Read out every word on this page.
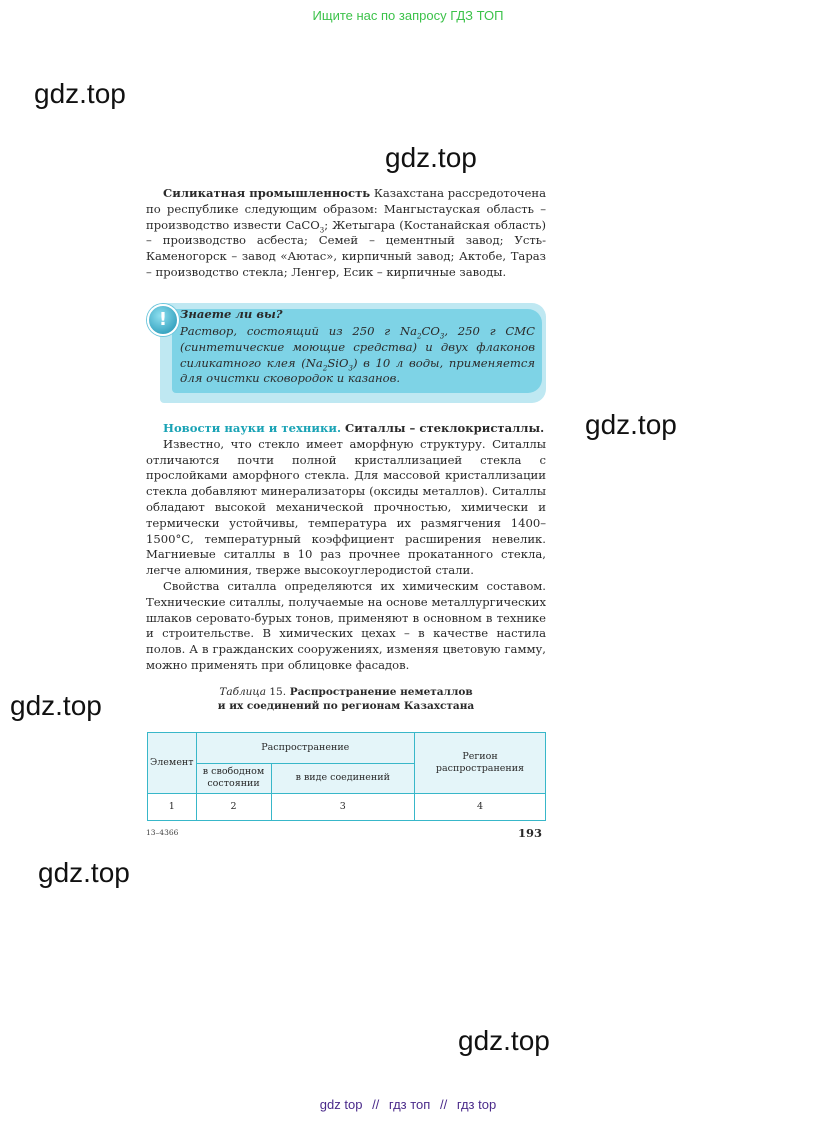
Ищите нас по запросу ГДЗ ТОП
gdz.top
gdz.top
gdz.top
gdz.top
gdz.top
gdz.top

Силикатная промышленность Казахстана рассредоточена по республике следующим образом: Мангыстауская область – производство извести CaCO$_3$; Жетыгара (Костанайская область) – производство асбеста; Семей – цементный завод; Усть-Каменогорск – завод «Аютас», кирпичный завод; Актобе, Тараз – производство стекла; Ленгер, Есик – кирпичные заводы.

!	Знаете ли вы?
Раствор, состоящий из 250 г $Na_2CO_3$, 250 г СМС (синтетические моющие средства) и двух флаконов силикатного клея $(Na_2SiO_3)$ в 10 л воды, применяется для очистки сковородок и казанов.

Новости науки и техники. Ситаллы – стеклокристаллы.

Известно, что стекло имеет аморфную структуру. Ситаллы отличаются почти полной кристаллизацией стекла с прослойками аморфного стекла. Для массовой кристаллизации стекла добавляют минерализаторы (оксиды металлов). Ситаллы обладают высокой механической прочностью, химически и термически устойчивы, температура их размягчения 1400–1500°С, температурный коэффициент расширения невелик. Магниевые ситаллы в 10 раз прочнее прокатанного стекла, легче алюминия, тверже высокоуглеродистой стали.

Свойства ситалла определяются их химическим составом. Технические ситаллы, получаемые на основе металлургических шлаков серовато-бурых тонов, применяют в основном в технике и строительстве. В химических цехах – в качестве настила полов. А в гражданских сооружениях, изменяя цветовую гамму, можно применять при облицовке фасадов.

Таблица 15. Распространение неметаллов
и их соединений по регионам Казахстана
Элемент	Распространение		Регион распространения
	в свободном состоянии	в виде соединений	
1	2	3	4
13–4366	193
gdz top // гдз топ // гдз top
